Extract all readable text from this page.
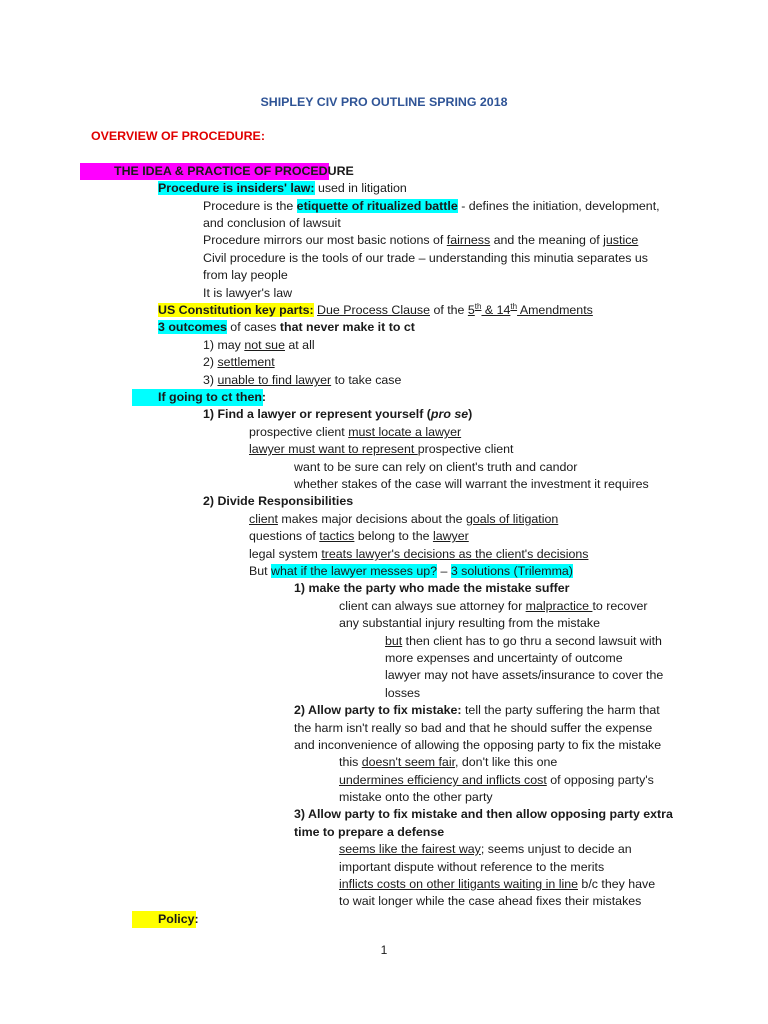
SHIPLEY CIV PRO OUTLINE SPRING 2018
OVERVIEW OF PROCEDURE:
THE IDEA & PRACTICE OF PROCEDURE
Procedure is insiders' law: used in litigation
Procedure is the etiquette of ritualized battle - defines the initiation, development,
and conclusion of lawsuit
Procedure mirrors our most basic notions of fairness and the meaning of justice
Civil procedure is the tools of our trade – understanding this minutia separates us
from lay people
It is lawyer's law
US Constitution key parts: Due Process Clause of the 5th & 14th Amendments
3 outcomes of cases that never make it to ct
1) may not sue at all
2) settlement
3) unable to find lawyer to take case
If going to ct then:
1) Find a lawyer or represent yourself (pro se)
prospective client must locate a lawyer
lawyer must want to represent prospective client
want to be sure can rely on client's truth and candor
whether stakes of the case will warrant the investment it requires
2) Divide Responsibilities
client makes major decisions about the goals of litigation
questions of tactics belong to the lawyer
legal system treats lawyer's decisions as the client's decisions
But what if the lawyer messes up? – 3 solutions (Trilemma)
1) make the party who made the mistake suffer
client can always sue attorney for malpractice to recover
any substantial injury resulting from the mistake
but then client has to go thru a second lawsuit with
more expenses and uncertainty of outcome
lawyer may not have assets/insurance to cover the
losses
2) Allow party to fix mistake: tell the party suffering the harm that
the harm isn't really so bad and that he should suffer the expense
and inconvenience of allowing the opposing party to fix the mistake
this doesn't seem fair, don't like this one
undermines efficiency and inflicts cost of opposing party's
mistake onto the other party
3) Allow party to fix mistake and then allow opposing party extra
time to prepare a defense
seems like the fairest way; seems unjust to decide an
important dispute without reference to the merits
inflicts costs on other litigants waiting in line b/c they have
to wait longer while the case ahead fixes their mistakes
Policy:
1
